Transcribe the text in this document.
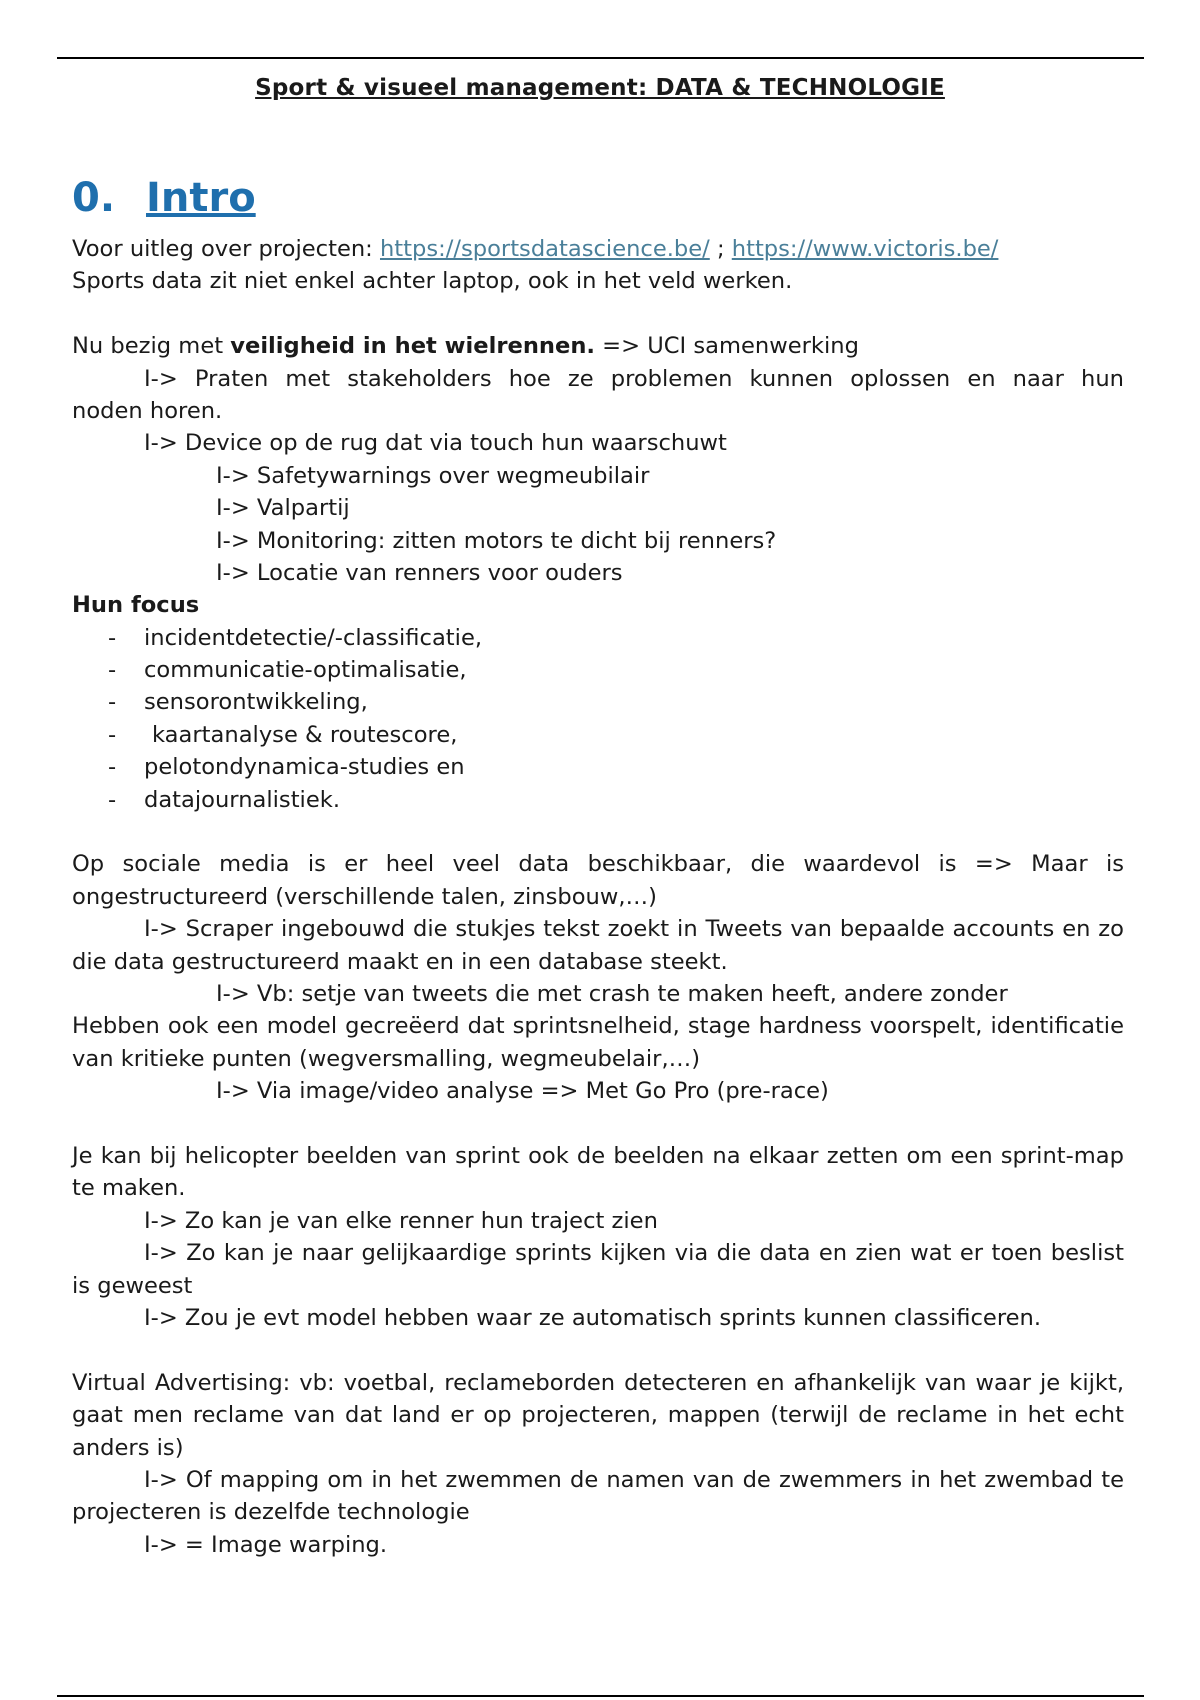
Sport & visueel management: DATA & TECHNOLOGIE
0. Intro
Voor uitleg over projecten: https://sportsdatascience.be/ ; https://www.victoris.be/
Sports data zit niet enkel achter laptop, ook in het veld werken.
Nu bezig met veiligheid in het wielrennen. => UCI samenwerking
I-> Praten met stakeholders hoe ze problemen kunnen oplossen en naar hun
noden horen.
I-> Device op de rug dat via touch hun waarschuwt
I-> Safetywarnings over wegmeubilair
I-> Valpartij
I-> Monitoring: zitten motors te dicht bij renners?
I-> Locatie van renners voor ouders
Hun focus
- incidentdetectie/-classificatie,
- communicatie-optimalisatie,
- sensorontwikkeling,
- kaartanalyse & routescore,
- pelotondynamica-studies en
- datajournalistiek.
Op sociale media is er heel veel data beschikbaar, die waardevol is => Maar is
ongestructureerd (verschillende talen, zinsbouw,…)
I-> Scraper ingebouwd die stukjes tekst zoekt in Tweets van bepaalde accounts en zo die data gestructureerd maakt en in een database steekt.
I-> Vb: setje van tweets die met crash te maken heeft, andere zonder
Hebben ook een model gecreëerd dat sprintsnelheid, stage hardness voorspelt, identificatie van kritieke punten (wegversmalling, wegmeubelair,…)
I-> Via image/video analyse => Met Go Pro (pre-race)
Je kan bij helicopter beelden van sprint ook de beelden na elkaar zetten om een sprint-map te maken.
I-> Zo kan je van elke renner hun traject zien
I-> Zo kan je naar gelijkaardige sprints kijken via die data en zien wat er toen beslist is geweest
I-> Zou je evt model hebben waar ze automatisch sprints kunnen classificeren.
Virtual Advertising: vb: voetbal, reclameborden detecteren en afhankelijk van waar je kijkt, gaat men reclame van dat land er op projecteren, mappen (terwijl de reclame in het echt anders is)
I-> Of mapping om in het zwemmen de namen van de zwemmers in het zwembad te projecteren is dezelfde technologie
I-> = Image warping.
